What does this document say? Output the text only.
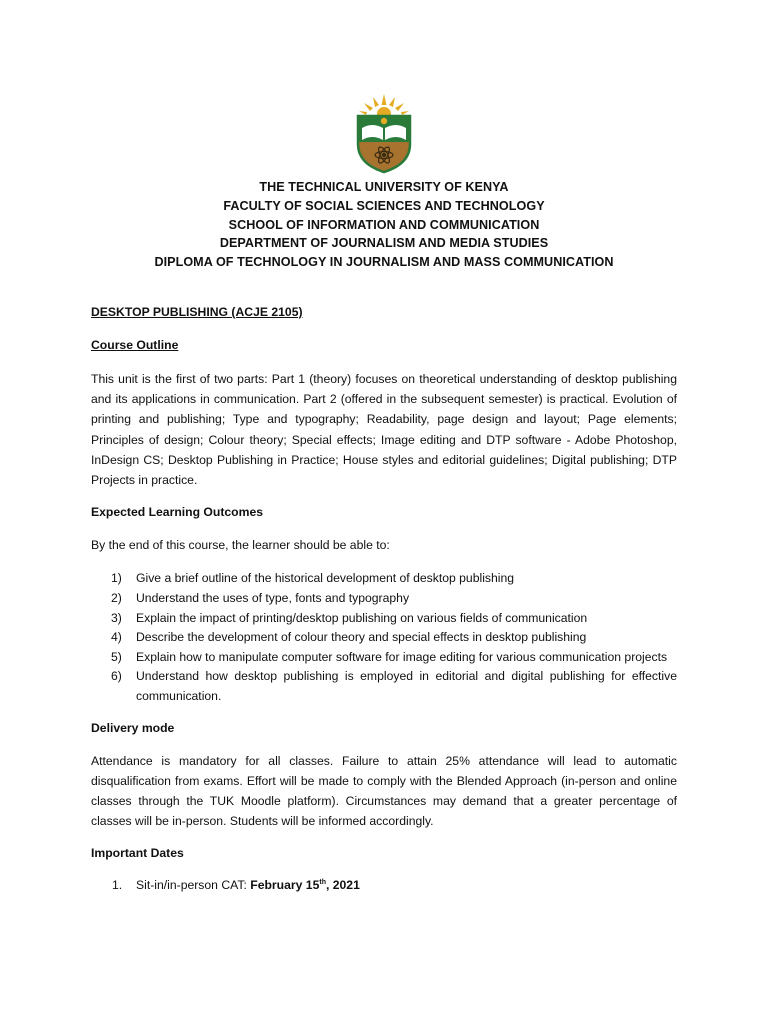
THE TECHNICAL UNIVERSITY OF KENYA
FACULTY OF SOCIAL SCIENCES AND TECHNOLOGY
SCHOOL OF INFORMATION AND COMMUNICATION
DEPARTMENT OF JOURNALISM AND MEDIA STUDIES
DIPLOMA OF TECHNOLOGY IN JOURNALISM AND MASS COMMUNICATION
DESKTOP PUBLISHING (ACJE 2105)
Course Outline

This unit is the first of two parts: Part 1 (theory) focuses on theoretical understanding of desktop publishing and its applications in communication. Part 2 (offered in the subsequent semester) is practical. Evolution of printing and publishing; Type and typography; Readability, page design and layout; Page elements; Principles of design; Colour theory; Special effects; Image editing and DTP software - Adobe Photoshop, InDesign CS; Desktop Publishing in Practice; House styles and editorial guidelines; Digital publishing; DTP Projects in practice.

Expected Learning Outcomes

By the end of this course, the learner should be able to:

1) Give a brief outline of the historical development of desktop publishing
2) Understand the uses of type, fonts and typography
3) Explain the impact of printing/desktop publishing on various fields of communication
4) Describe the development of colour theory and special effects in desktop publishing
5) Explain how to manipulate computer software for image editing for various communication projects
6) Understand how desktop publishing is employed in editorial and digital publishing for effective communication.
Delivery mode

Attendance is mandatory for all classes. Failure to attain 25% attendance will lead to automatic disqualification from exams. Effort will be made to comply with the Blended Approach (in-person and online classes through the TUK Moodle platform). Circumstances may demand that a greater percentage of classes will be in-person. Students will be informed accordingly.

Important Dates
1. Sit-in/in-person CAT: February 15th, 2021
